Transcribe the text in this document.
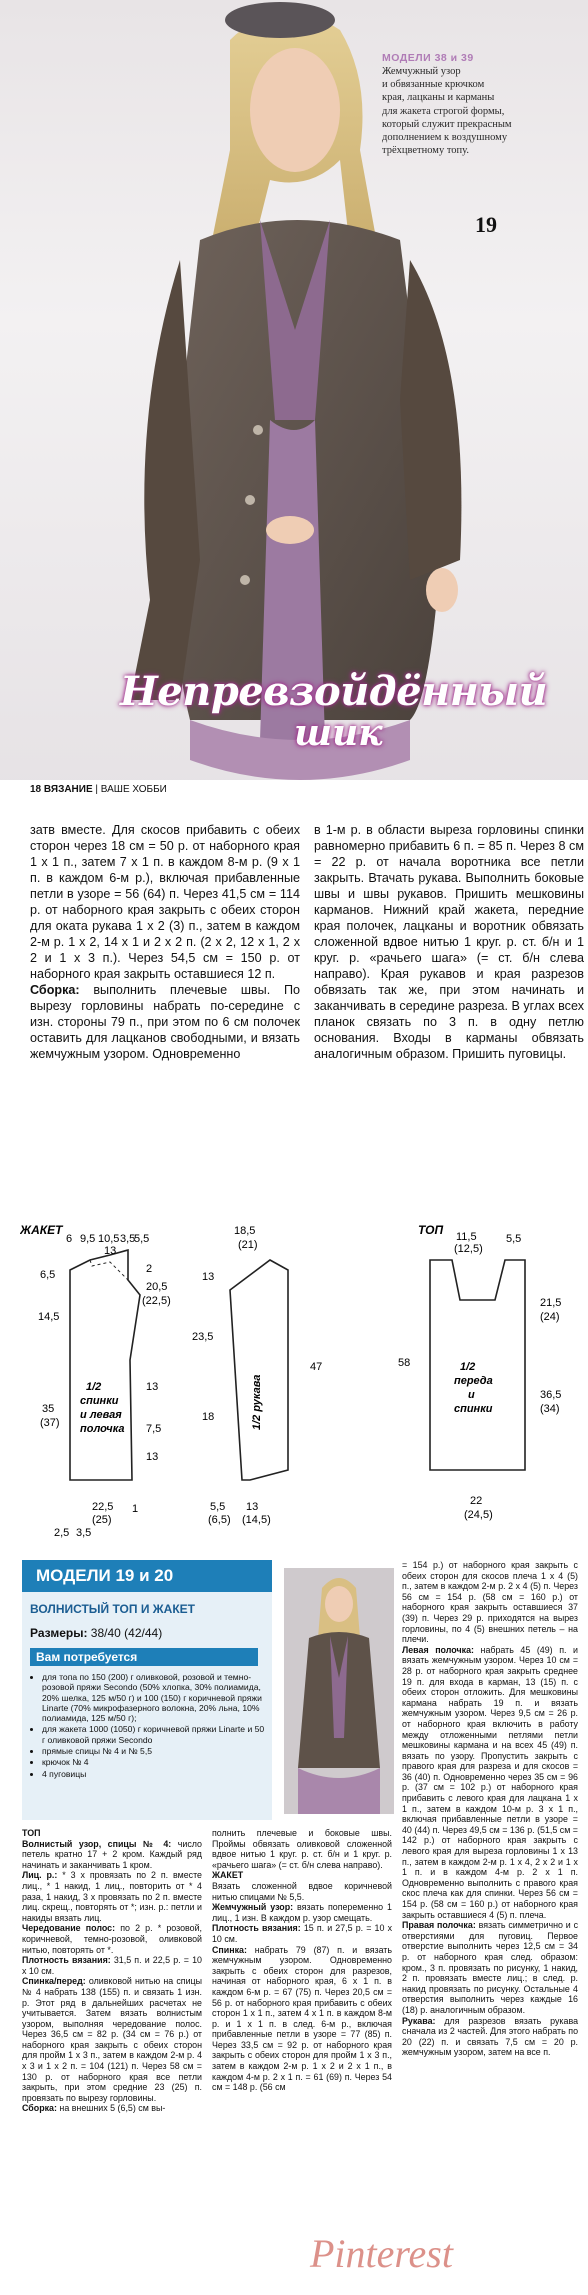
МОДЕЛИ 38 и 39
Жемчужный узор
и обвязанные крючком
края, лацканы и карманы
для жакета строгой формы,
который служит прекрасным
дополнением к воздушному
трёхцветному топу.
19
Непревзойдённый
шик
18 ВЯЗАНИЕ | ВАШЕ ХОББИ

затв вместе. Для скосов прибавить с обеих сторон через 18 см = 50 р. от наборного края 1 х 1 п., затем 7 х 1 п. в каждом 8-м р. (9 х 1 п. в каждом 6-м р.), включая прибавленные петли в узоре = 56 (64) п. Через 41,5 см = 114 р. от наборного края закрыть с обеих сторон для оката рукава 1 х 2 (3) п., затем в каждом 2-м р. 1 х 2, 14 х 1 и 2 х 2 п. (2 х 2, 12 х 1, 2 х 2 и 1 х 3 п.). Через 54,5 см = 150 р. от наборного края закрыть оставшиеся 12 п.

Сборка: выполнить плечевые швы. По вырезу горловины набрать по-середине с изн. стороны 79 п., при этом по 6 см полочек оставить для лацканов свободными, и вязать жемчужным узором. Одновременно

в 1-м р. в области выреза горловины спинки равномерно прибавить 6 п. = 85 п. Через 8 см = 22 р. от начала воротника все петли закрыть. Втачать рукава. Выполнить боковые швы и швы рукавов. Пришить мешковины карманов. Нижний край жакета, передние края полочек, лацканы и воротник обвязать сложенной вдвое нитью 1 круг. р. ст. б/н и 1 круг. р. «рачьего шага» (= ст. б/н слева направо). Края рукавов и края разрезов обвязать так же, при этом начинать и заканчивать в середине разреза. В углах всех планок связать по 3 п. в одну петлю основания. Входы в карманы обвязать аналогичным образом. Пришить пуговицы.

ЖАКЕТ	ТОП
1/2
спинки
и левая
полочка
6 9,5 10,5
13
3,5
5,5
6,5
14,5
2
20,5
(22,5)
35
(37)
13
7,5
13
22,5
(25)
2,5 3,5
1
1/2 рукава
18,5
(21)
13
23,5
47
18
13
(14,5)
5,5
(6,5)
1/2
переда
и
спинки
11,5
(12,5)
5,5
21,5
(24)
58
36,5
(34)
22
(24,5)
МОДЕЛИ 19 и 20
ВОЛНИСТЫЙ ТОП И ЖАКЕТ
Размеры: 38/40 (42/44)
Вам потребуется
• для топа по 150 (200) г оливковой, розовой и темно-розовой пряжи Secondo (50% хлопка, 30% полиамида, 20% шелка, 125 м/50 г) и 100 (150) г коричневой пряжи Linarte (70% микрофазерного волокна, 20% льна, 10% полиамида, 125 м/50 г);
• для жакета 1000 (1050) г коричневой пряжи Linarte и 50 г оливковой пряжи Secondo
• прямые спицы № 4 и № 5,5
• крючок № 4
• 4 пуговицы

ТОП

Волнистый узор, спицы № 4: число петель кратно 17 + 2 кром. Каждый ряд начинать и заканчивать 1 кром.

Лиц. р.: * 3 х провязать по 2 п. вместе лиц., * 1 накид, 1 лиц., повторить от * 4 раза, 1 накид, 3 х провязать по 2 п. вместе лиц. скрещ., повторять от *; изн. р.: петли и накиды вязать лиц.

Чередование полос: по 2 р. * розовой, коричневой, темно-розовой, оливковой нитью, повторять от *.

Плотность вязания: 31,5 п. и 22,5 р. = 10 х 10 см.

Спинка/перед: оливковой нитью на спицы № 4 набрать 138 (155) п. и связать 1 изн. р. Этот ряд в дальнейших расчетах не учитывается. Затем вязать волнистым узором, выполняя чередование полос. Через 36,5 см = 82 р. (34 см = 76 р.) от наборного края закрыть с обеих сторон для пройм 1 х 3 п., затем в каждом 2-м р. 4 х 3 и 1 х 2 п. = 104 (121) п. Через 58 см = 130 р. от наборного края все петли закрыть, при этом средние 23 (25) п. провязать по вырезу горловины.

Сборка: на внешних 5 (6,5) см вы-

полнить плечевые и боковые швы. Проймы обвязать оливковой сложенной вдвое нитью 1 круг. р. ст. б/н и 1 круг. р. «рачьего шага» (= ст. б/н слева направо).

ЖАКЕТ

Вязать сложенной вдвое коричневой нитью спицами № 5,5.

Жемчужный узор: вязать попеременно 1 лиц., 1 изн. В каждом р. узор смещать.

Плотность вязания: 15 п. и 27,5 р. = 10 х 10 см.

Спинка: набрать 79 (87) п. и вязать жемчужным узором. Одновременно закрыть с обеих сторон для разрезов, начиная от наборного края, 6 х 1 п. в каждом 6-м р. = 67 (75) п. Через 20,5 см = 56 р. от наборного края прибавить с обеих сторон 1 х 1 п., затем 4 х 1 п. в каждом 8-м р. и 1 х 1 п. в след. 6-м р., включая прибавленные петли в узоре = 77 (85) п. Через 33,5 см = 92 р. от наборного края закрыть с обеих сторон для пройм 1 х 3 п., затем в каждом 2-м р. 1 х 2 и 2 х 1 п., в каждом 4-м р. 2 х 1 п. = 61 (69) п. Через 54 см = 148 р. (56 см

= 154 р.) от наборного края закрыть с обеих сторон для скосов плеча 1 х 4 (5) п., затем в каждом 2-м р. 2 х 4 (5) п. Через 56 см = 154 р. (58 см = 160 р.) от наборного края закрыть оставшиеся 37 (39) п. Через 29 р. приходятся на вырез горловины, по 4 (5) внешних петель – на плечи.

Левая полочка: набрать 45 (49) п. и вязать жемчужным узором. Через 10 см = 28 р. от наборного края закрыть среднее 19 п. для входа в карман, 13 (15) п. с обеих сторон отложить. Для мешковины кармана набрать 19 п. и вязать жемчужным узором. Через 9,5 см = 26 р. от наборного края включить в работу между отложенными петлями петли мешковины кармана и на всех 45 (49) п. вязать по узору. Пропустить закрыть с правого края для разреза и для скосов = 36 (40) п. Одновременно через 35 см = 96 р. (37 см = 102 р.) от наборного края прибавить с левого края для лацкана 1 х 1 п., затем в каждом 10-м р. 3 х 1 п., включая прибавленные петли в узоре = 40 (44) п. Через 49,5 см = 136 р. (51,5 см = 142 р.) от наборного края закрыть с левого края для выреза горловины 1 х 13 п., затем в каждом 2-м р. 1 х 4, 2 х 2 и 1 х 1 п. и в каждом 4-м р. 2 х 1 п. Одновременно выполнить с правого края скос плеча как для спинки. Через 56 см = 154 р. (58 см = 160 р.) от наборного края закрыть оставшиеся 4 (5) п. плеча.

Правая полочка: вязать симметрично и с отверстиями для пуговиц. Первое отверстие выполнить через 12,5 см = 34 р. от наборного края след. образом: кром., 3 п. провязать по рисунку, 1 накид, 2 п. провязать вместе лиц.; в след. р. накид провязать по рисунку. Остальные 4 отверстия выполнить через каждые 16 (18) р. аналогичным образом.

Рукава: для разрезов вязать рукава сначала из 2 частей. Для этого набрать по 20 (22) п. и связать 7,5 см = 20 р. жемчужным узором, затем на все п.

Pinterest
